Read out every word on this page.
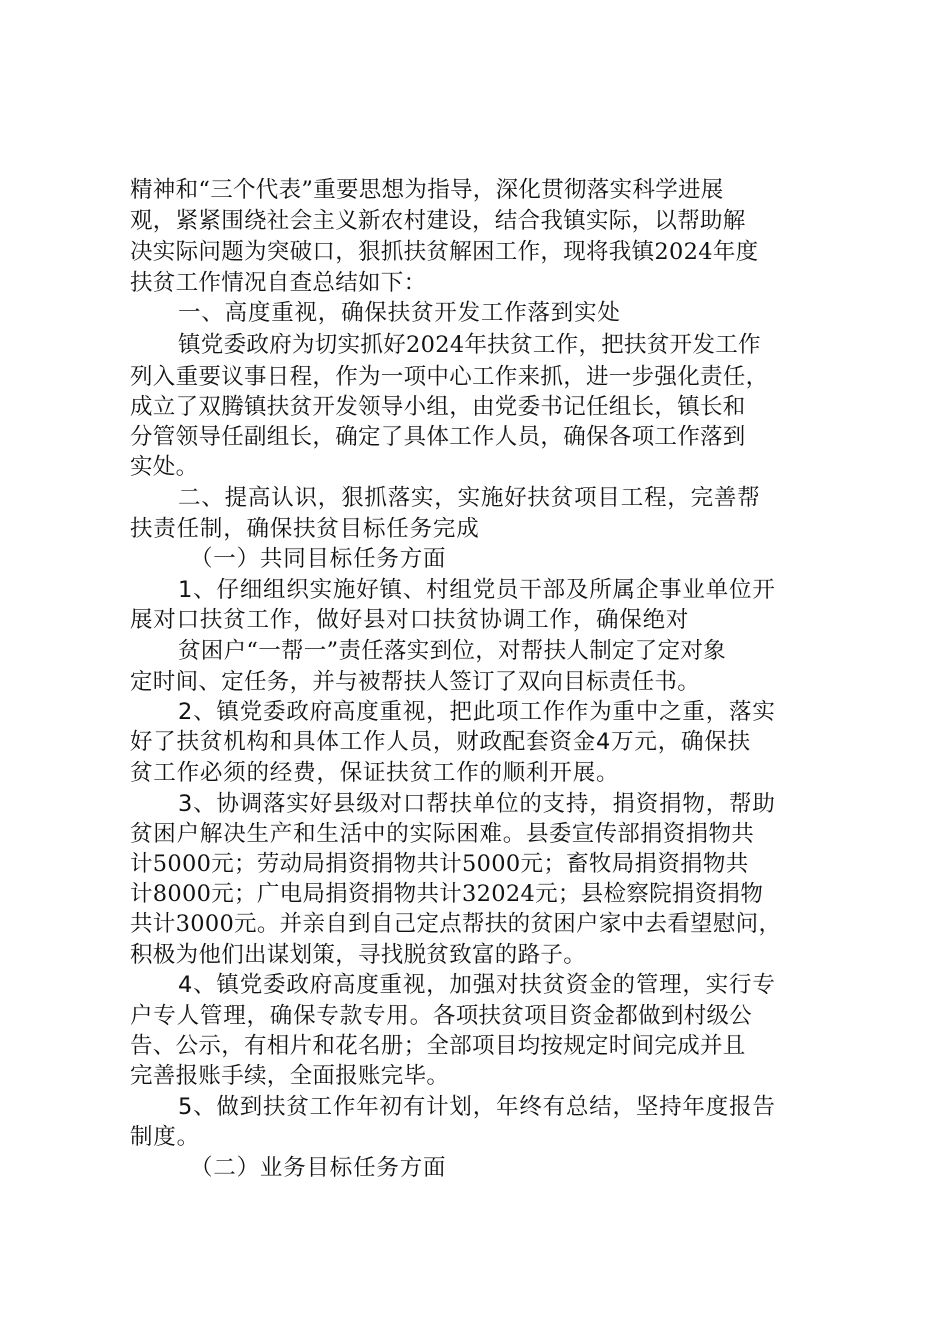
精神和“三个代表”重要思想为指导，深化贯彻落实科学进展
观，紧紧围绕社会主义新农村建设，结合我镇实际，以帮助解
决实际问题为突破口，狠抓扶贫解困工作，现将我镇2024年度
扶贫工作情况自查总结如下：
一、高度重视，确保扶贫开发工作落到实处
镇党委政府为切实抓好2024年扶贫工作，把扶贫开发工作
列入重要议事日程，作为一项中心工作来抓，进一步强化责任，
成立了双腾镇扶贫开发领导小组，由党委书记任组长，镇长和
分管领导任副组长，确定了具体工作人员，确保各项工作落到
实处。
二、提高认识，狠抓落实，实施好扶贫项目工程，完善帮
扶责任制，确保扶贫目标任务完成
（一）共同目标任务方面
1、仔细组织实施好镇、村组党员干部及所属企事业单位开
展对口扶贫工作，做好县对口扶贫协调工作，确保绝对
贫困户“一帮一”责任落实到位，对帮扶人制定了定对象
定时间、定任务，并与被帮扶人签订了双向目标责任书。
2、镇党委政府高度重视，把此项工作作为重中之重，落实
好了扶贫机构和具体工作人员，财政配套资金4万元，确保扶
贫工作必须的经费，保证扶贫工作的顺利开展。
3、协调落实好县级对口帮扶单位的支持，捐资捐物，帮助
贫困户解决生产和生活中的实际困难。县委宣传部捐资捐物共
计5000元；劳动局捐资捐物共计5000元；畜牧局捐资捐物共
计8000元；广电局捐资捐物共计32024元；县检察院捐资捐物
共计3000元。并亲自到自己定点帮扶的贫困户家中去看望慰问，
积极为他们出谋划策，寻找脱贫致富的路子。
4、镇党委政府高度重视，加强对扶贫资金的管理，实行专
户专人管理，确保专款专用。各项扶贫项目资金都做到村级公
告、公示，有相片和花名册；全部项目均按规定时间完成并且
完善报账手续，全面报账完毕。
5、做到扶贫工作年初有计划，年终有总结，坚持年度报告
制度。
（二）业务目标任务方面
